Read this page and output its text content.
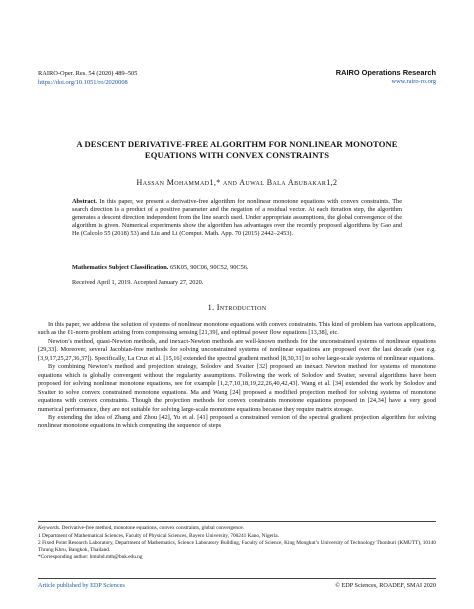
RAIRO-Oper. Res. 54 (2020) 489–505
https://doi.org/10.1051/ro/2020008
RAIRO Operations Research
www.rairo-ro.org
A DESCENT DERIVATIVE-FREE ALGORITHM FOR NONLINEAR MONOTONE EQUATIONS WITH CONVEX CONSTRAINTS
Hassan Mohammad1,* and Auwal Bala Abubakar1,2
Abstract. In this paper, we present a derivative-free algorithm for nonlinear monotone equations with convex constraints. The search direction is a product of a positive parameter and the negation of a residual vector. At each iteration step, the algorithm generates a descent direction independent from the line search used. Under appropriate assumptions, the global convergence of the algorithm is given. Numerical experiments show the algorithm has advantages over the recently proposed algorithms by Gao and He (Calcolo 55 (2018) 53) and Liu and Li (Comput. Math. App. 70 (2015) 2442–2453).
Mathematics Subject Classification. 65K05, 90C06, 90C52, 90C56.
Received April 1, 2019. Accepted January 27, 2020.
1. Introduction

In this paper, we address the solution of systems of nonlinear monotone equations with convex constraints. This kind of problem has various applications, such as the ℓ1-norm problem arising from compressing sensing [21,39], and optimal power flow equations [13,38], etc.

Newton’s method, quasi-Newton methods, and inexact-Newton methods are well-known methods for the unconstrained systems of nonlinear equations [29,33]. Moreover, several Jacobian-free methods for solving unconstrained systems of nonlinear equations are proposed over the last decade (see e.g. [3,9,17,25,27,36,37]). Specifically, La Cruz et al. [15,16] extended the spectral gradient method [8,30,31] to solve large-scale systems of nonlinear equations.

By combining Newton’s method and projection strategy, Solodov and Svaiter [32] proposed an inexact Newton method for systems of monotone equations which is globally convergent without the regularity assumptions. Following the work of Solodov and Svaiter, several algorithms have been proposed for solving nonlinear monotone equations, see for example [1,2,7,10,18,19,22,26,40,42,43]. Wang et al. [34] extended the work by Solodov and Svaiter to solve convex constrained monotone equations. Ma and Wang [24] proposed a modified projection method for solving systems of monotone equations with convex constraints. Though the projection methods for convex constraints monotone equations proposed in [24,34] have a very good numerical performance, they are not suitable for solving large-scale monotone equations because they require matrix storage.

By extending the idea of Zhang and Zhou [42], Yu et al. [41] proposed a constrained version of the spectral gradient projection algorithm for solving nonlinear monotone equations in which computing the sequence of steps

Keywords. Derivative-free method, monotone equations, convex constraints, global convergence.

1 Department of Mathematical Sciences, Faculty of Physical Sciences, Bayero University, 700241 Kano, Nigeria.

2 Fixed Point Research Laboratory, Department of Mathematics, Science Laboratory Building, Faculty of Science, King Mongkut’s University of Technology Thonburi (KMUTT), 10140 Thrung Khru, Bangkok, Thailand.

*Corresponding author: hmuhd.mth@buk.edu.ng

Article published by EDP Sciences	© EDP Sciences, ROADEF, SMAI 2020
